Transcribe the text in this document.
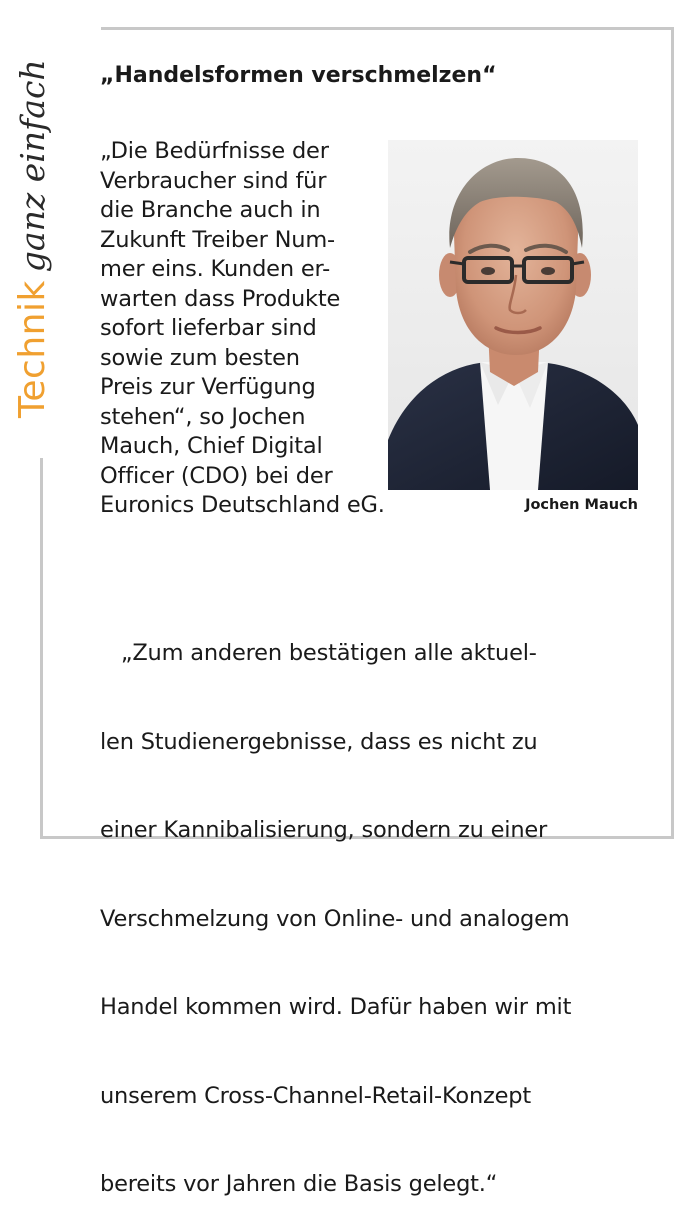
Technikganz einfach „Handelsformen verschmelzen“
„Die Bedürfnisse der
Verbraucher sind für
die Branche auch in
Zukunft Treiber Num-
mer eins. Kunden er-
warten dass Produkte
sofort lieferbar sind
sowie zum besten
Preis zur Verfügung
stehen“, so Jochen
Mauch, Chief Digital
Officer (CDO) bei der
Euronics Deutschland eG.

„Zum anderen bestätigen alle aktuel-

len Studienergebnisse, dass es nicht zu

einer Kannibalisierung, sondern zu einer

Verschmelzung von Online- und analogem

Handel kommen wird. Dafür haben wir mit

unserem Cross-Channel-Retail-Konzept

bereits vor Jahren die Basis gelegt.“

Jochen Mauch
